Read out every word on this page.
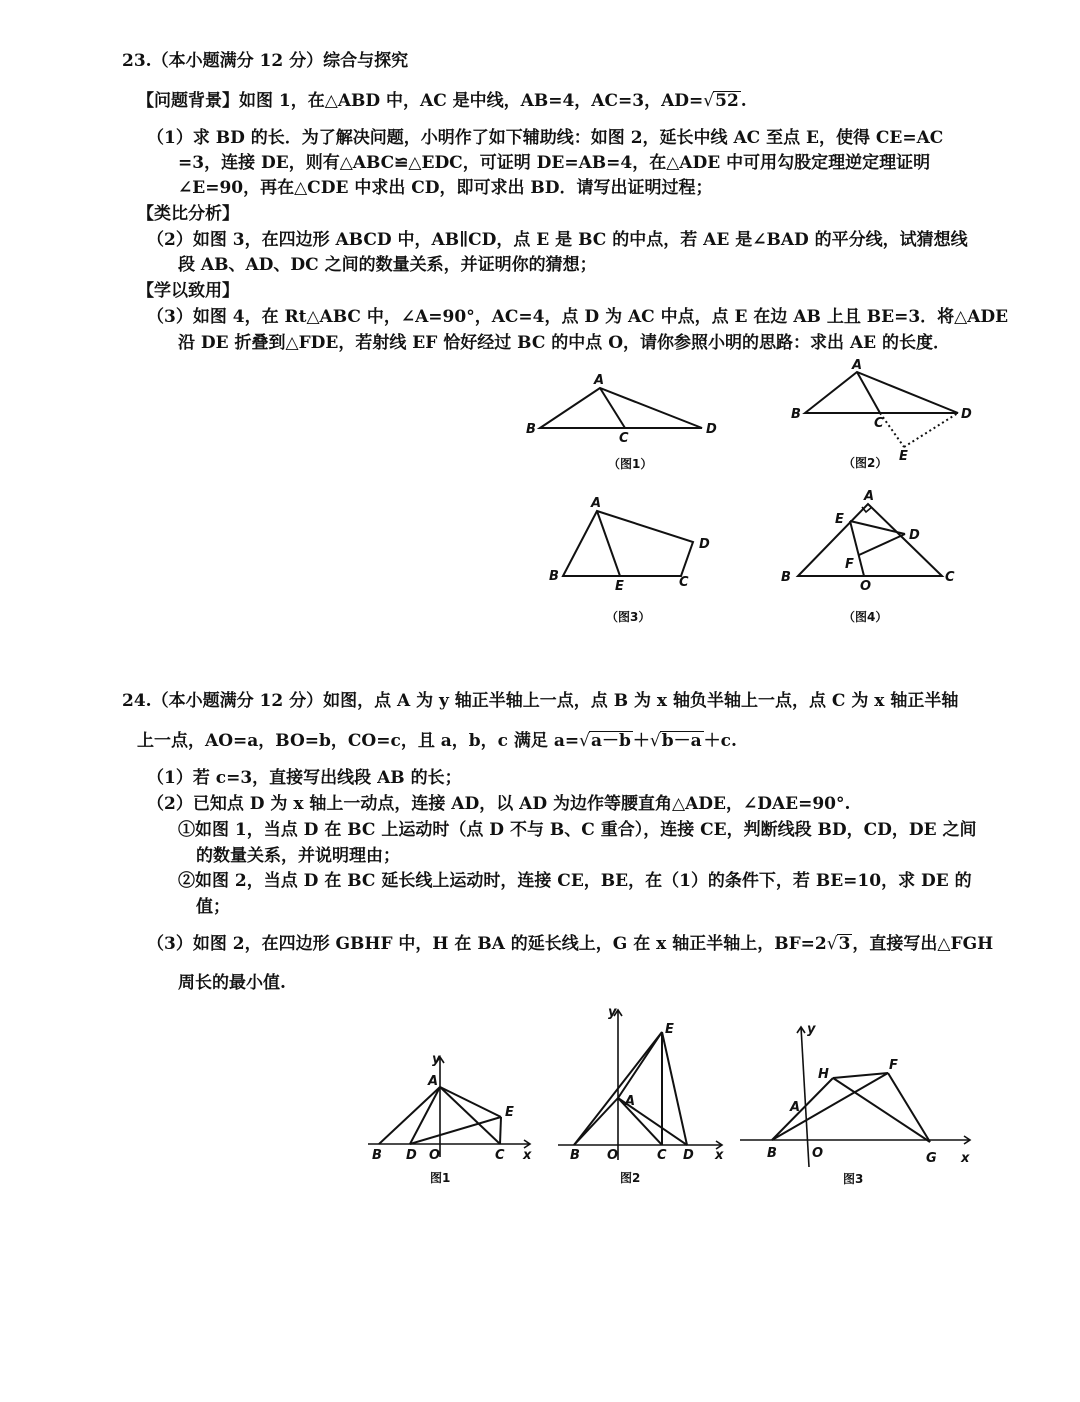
23.（本小题满分 12 分）综合与探究
【问题背景】如图 1，在△ABD 中，AC 是中线，AB=4，AC=3，AD=√52 .
（1）求 BD 的长．为了解决问题，小明作了如下辅助线：如图 2，延长中线 AC 至点 E，使得 CE=AC
=3，连接 DE，则有△ABC≌△EDC，可证明 DE=AB=4，在△ADE 中可用勾股定理逆定理证明
∠E=90，再在△CDE 中求出 CD，即可求出 BD．请写出证明过程；
【类比分析】
（2）如图 3，在四边形 ABCD 中，AB∥CD，点 E 是 BC 的中点，若 AE 是∠BAD 的平分线，试猜想线
段 AB、AD、DC 之间的数量关系，并证明你的猜想；
【学以致用】
（3）如图 4，在 Rt△ABC 中，∠A=90°，AC=4，点 D 为 AC 中点，点 E 在边 AB 上且 BE=3．将△ADE
沿 DE 折叠到△FDE，若射线 EF 恰好经过 BC 的中点 O，请你参照小明的思路：求出 AE 的长度．
A
B
C
D
（图1）
A
B
C
D
E
（图2）
A
B
E	C
D
（图3）
A
E
D
F
B
O
C
（图4）
24.（本小题满分 12 分）如图，点 A 为 y 轴正半轴上一点，点 B 为 x 轴负半轴上一点，点 C 为 x 轴正半轴
上一点，AO=a，BO=b，CO=c，且 a，b，c 满足 a=√a－b ＋√b－a ＋c.
（1）若 c=3，直接写出线段 AB 的长；
（2）已知点 D 为 x 轴上一动点，连接 AD，以 AD 为边作等腰直角△ADE，∠DAE=90°.
①如图 1，当点 D 在 BC 上运动时（点 D 不与 B、C 重合），连接 CE，判断线段 BD，CD，DE 之间
的数量关系，并说明理由；
②如图 2，当点 D 在 BC 延长线上运动时，连接 CE，BE，在（1）的条件下，若 BE=10，求 DE 的
值；
（3）如图 2，在四边形 GBHF 中，H 在 BA 的延长线上，G 在 x 轴正半轴上，BF=2√3 ，直接写出△FGH
周长的最小值.
y
A
E
B D O	C x
图1
y
E
A
B O	C D x
图2
y
H
F
A
B	O	G x
图3
